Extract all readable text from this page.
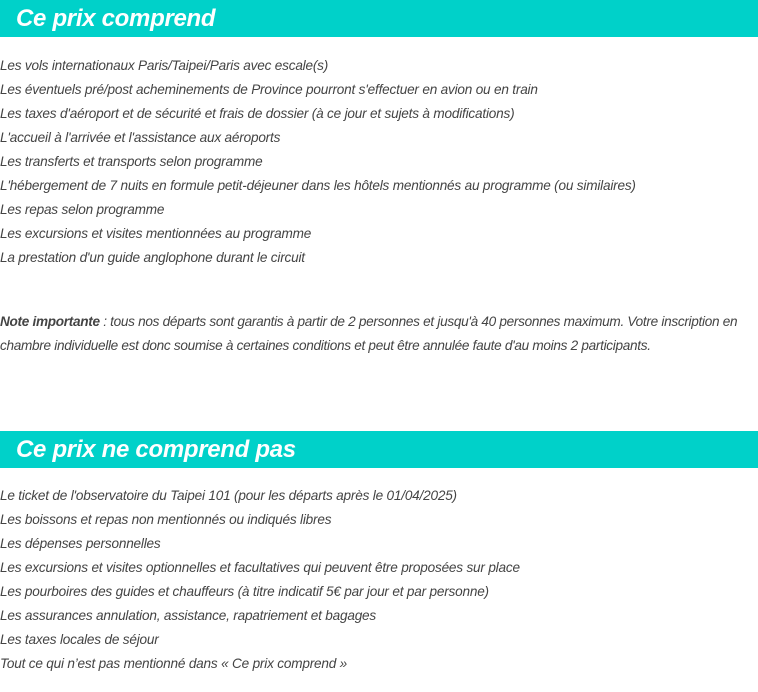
Ce prix comprend
Les vols internationaux Paris/Taipei/Paris avec escale(s)
Les éventuels pré/post acheminements de Province pourront s'effectuer en avion ou en train
Les taxes d'aéroport et de sécurité et frais de dossier (à ce jour et sujets à modifications)
L'accueil à l'arrivée et l'assistance aux aéroports
Les transferts et transports selon programme
L'hébergement de 7 nuits en formule petit-déjeuner dans les hôtels mentionnés au programme (ou similaires)
Les repas selon programme
Les excursions et visites mentionnées au programme
La prestation d'un guide anglophone durant le circuit

Note importante : tous nos départs sont garantis à partir de 2 personnes et jusqu'à 40 personnes maximum. Votre inscription en chambre individuelle est donc soumise à certaines conditions et peut être annulée faute d'au moins 2 participants.

Ce prix ne comprend pas
Le ticket de l'observatoire du Taipei 101 (pour les départs après le 01/04/2025)
Les boissons et repas non mentionnés ou indiqués libres
Les dépenses personnelles
Les excursions et visites optionnelles et facultatives qui peuvent être proposées sur place
Les pourboires des guides et chauffeurs (à titre indicatif 5€ par jour et par personne)
Les assurances annulation, assistance, rapatriement et bagages
Les taxes locales de séjour
Tout ce qui n’est pas mentionné dans « Ce prix comprend »
